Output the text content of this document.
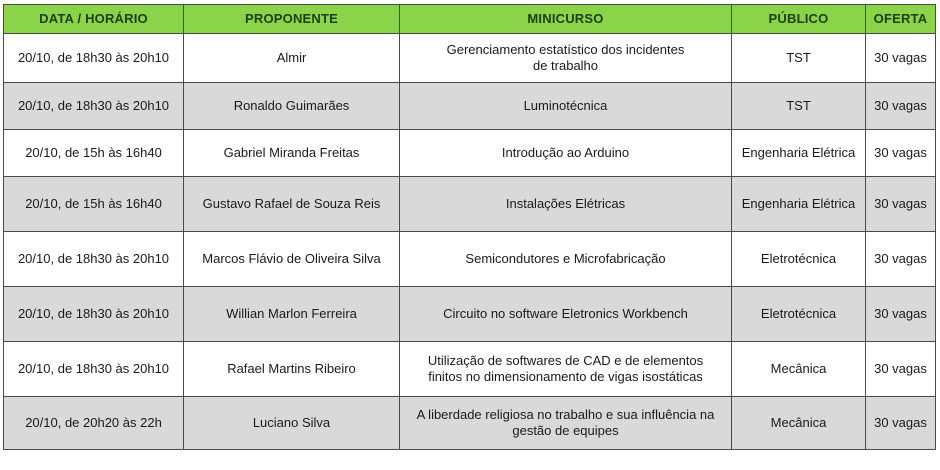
DATA / HORÁRIO	PROPONENTE	MINICURSO	PÚBLICO	OFERTA
20/10, de 18h30 às 20h10	Almir	Gerenciamento estatístico dos incidentes
de trabalho	TST	30 vagas
20/10, de 18h30 às 20h10	Ronaldo Guimarães	Luminotécnica	TST	30 vagas
20/10, de 15h às 16h40	Gabriel Miranda Freitas	Introdução ao Arduino	Engenharia Elétrica	30 vagas
20/10, de 15h às 16h40	Gustavo Rafael de Souza Reis	Instalações Elétricas	Engenharia Elétrica	30 vagas
20/10, de 18h30 às 20h10	Marcos Flávio de Oliveira Silva	Semicondutores e Microfabricação	Eletrotécnica	30 vagas
20/10, de 18h30 às 20h10	Willian Marlon Ferreira	Circuito no software Eletronics Workbench	Eletrotécnica	30 vagas
20/10, de 18h30 às 20h10	Rafael Martins Ribeiro	Utilização de softwares de CAD e de elementos
finitos no dimensionamento de vigas isostáticas	Mecânica	30 vagas
20/10, de 20h20 às 22h	Luciano Silva	A liberdade religiosa no trabalho e sua influência na
gestão de equipes	Mecânica	30 vagas
